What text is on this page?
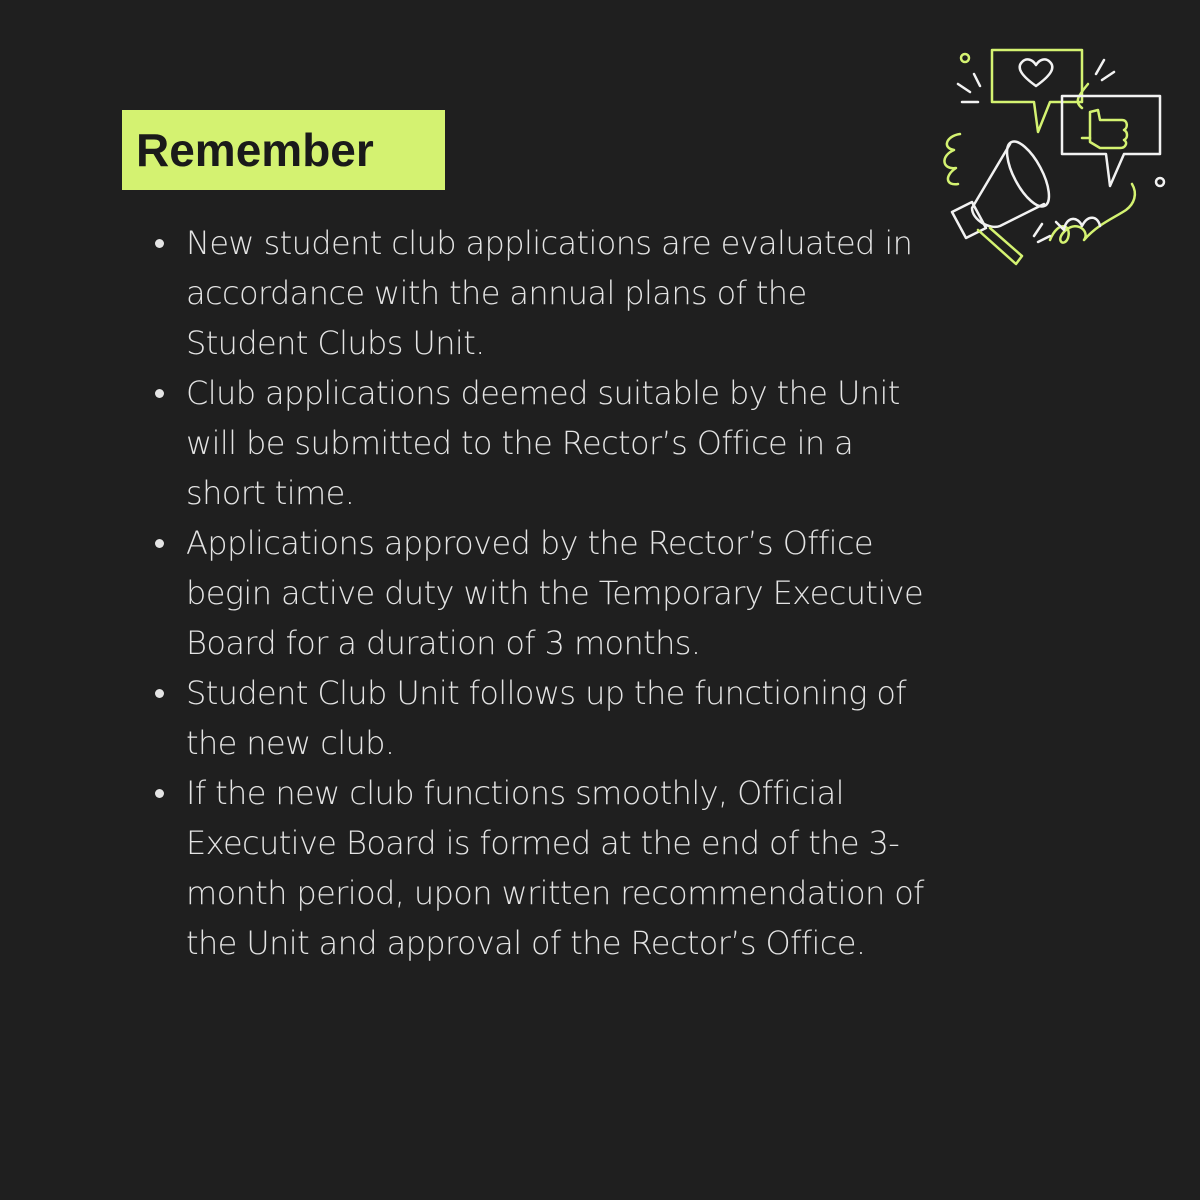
Remember
New student club applications are evaluated in accordance with the annual plans of the Student Clubs Unit.
Club applications deemed suitable by the Unit will be submitted to the Rector’s Office in a short time.
Applications approved by the Rector’s Office begin active duty with the Temporary Executive Board for a duration of 3 months.
Student Club Unit follows up the functioning of the new club.
If the new club functions smoothly, Official Executive Board is formed at the end of the 3-month period, upon written recommendation of the Unit and approval of the Rector’s Office.
